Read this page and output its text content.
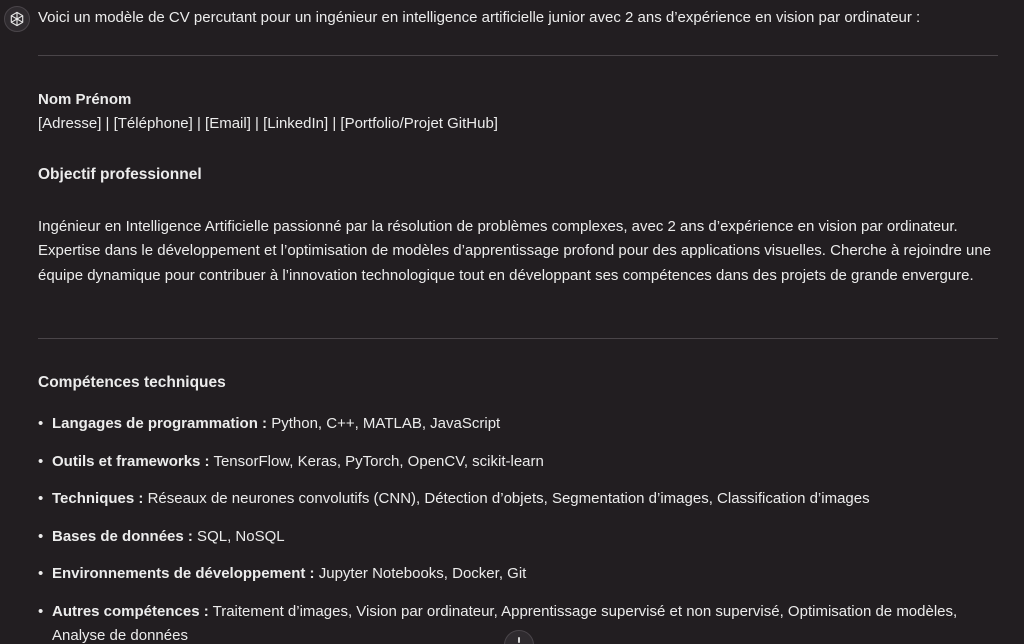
Voici un modèle de CV percutant pour un ingénieur en intelligence artificielle junior avec 2 ans d’expérience en vision par ordinateur :
Nom Prénom
[Adresse] | [Téléphone] | [Email] | [LinkedIn] | [Portfolio/Projet GitHub]
Objectif professionnel
Ingénieur en Intelligence Artificielle passionné par la résolution de problèmes complexes, avec 2 ans d’expérience en vision par ordinateur. Expertise dans le développement et l’optimisation de modèles d’apprentissage profond pour des applications visuelles. Cherche à rejoindre une équipe dynamique pour contribuer à l’innovation technologique tout en développant ses compétences dans des projets de grande envergure.
Compétences techniques
• Langages de programmation : Python, C++, MATLAB, JavaScript
• Outils et frameworks : TensorFlow, Keras, PyTorch, OpenCV, scikit-learn
• Techniques : Réseaux de neurones convolutifs (CNN), Détection d’objets, Segmentation d’images, Classification d’images
• Bases de données : SQL, NoSQL
• Environnements de développement : Jupyter Notebooks, Docker, Git
• Autres compétences : Traitement d’images, Vision par ordinateur, Apprentissage supervisé et non supervisé, Optimisation de modèles, Analyse de données
